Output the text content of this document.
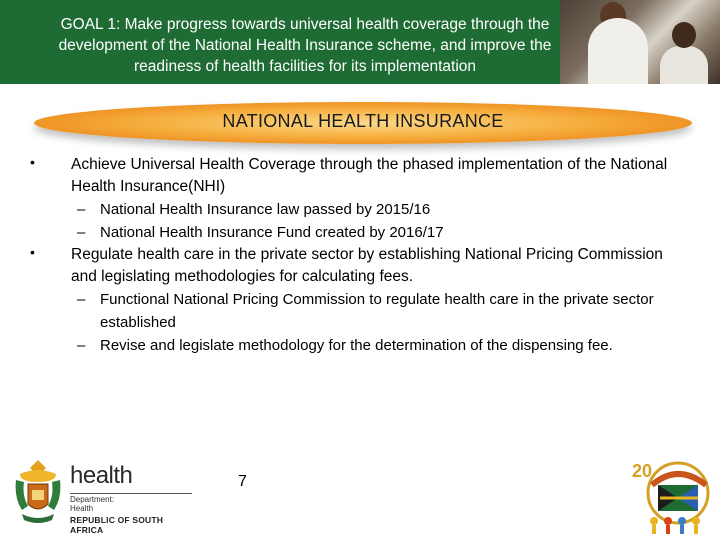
GOAL 1: Make progress towards universal health coverage through the development of the National Health Insurance scheme, and improve the readiness of health facilities for its implementation
NATIONAL HEALTH INSURANCE
• Achieve Universal Health Coverage through the phased implementation of the National Health Insurance(NHI)
– National Health Insurance law passed by 2015/16
– National Health Insurance Fund created by 2016/17
• Regulate health care in the private sector by establishing National Pricing Commission and legislating methodologies for calculating fees.
– Functional National Pricing Commission to regulate health care in the private sector established
– Revise and legislate methodology for the determination of the dispensing fee.
health
Department:
Health
REPUBLIC OF SOUTH AFRICA
7
20
